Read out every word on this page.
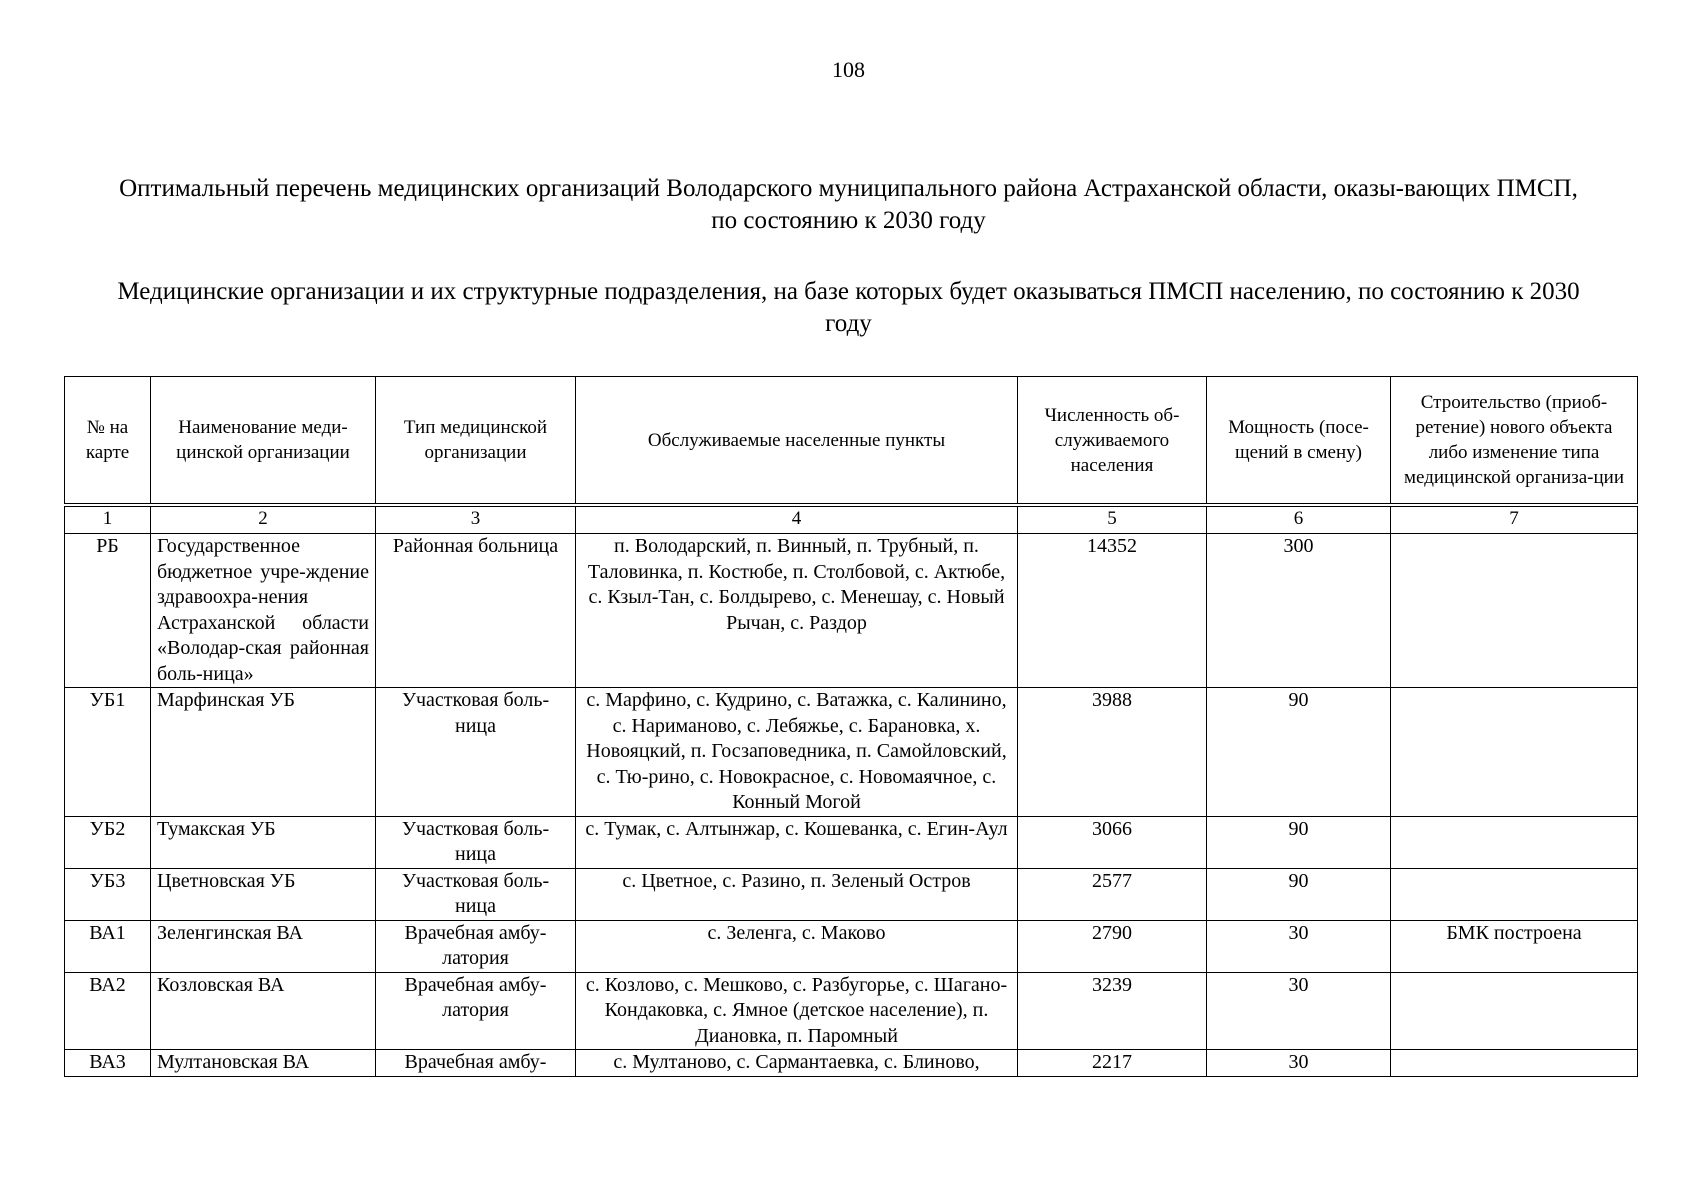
108
Оптимальный перечень медицинских организаций Володарского муниципального района Астраханской области, оказы-вающих ПМСП, по состоянию к 2030 году
Медицинские организации и их структурные подразделения, на базе которых будет оказываться ПМСП населению, по состоянию к 2030 году
№ на карте	Наименование меди-цинской организации	Тип медицинской организации	Обслуживаемые населенные пункты	Численность об-служиваемого населения	Мощность (посе-щений в смену)	Строительство (приоб-ретение) нового объекта либо изменение типа медицинской организа-ции
1	2	3	4	5	6	7
РБ	Государственное бюджетное учре-ждение здравоохра-нения Астраханской области «Володар-ская районная боль-ница»	Районная больница	п. Володарский, п. Винный, п. Трубный, п. Таловинка, п. Костюбе, п. Столбовой, с. Актюбе, с. Кзыл-Тан, с. Болдырево, с. Менешау, с. Новый Рычан, с. Раздор	14352	300	
УБ1	Марфинская УБ	Участковая боль-ница	с. Марфино, с. Кудрино, с. Ватажка, с. Калинино, с. Нариманово, с. Лебяжье, с. Барановка, х. Новояцкий, п. Госзаповедника, п. Самойловский, с. Тю-рино, с. Новокрасное, с. Новомаячное, с. Конный Могой	3988	90	
УБ2	Тумакская УБ	Участковая боль-ница	с. Тумак, с. Алтынжар, с. Кошеванка, с. Егин-Аул	3066	90	
УБ3	Цветновская УБ	Участковая боль-ница	с. Цветное, с. Разино, п. Зеленый Остров	2577	90	
ВА1	Зеленгинская ВА	Врачебная амбу-латория	с. Зеленга, с. Маково	2790	30	БМК построена
ВА2	Козловская ВА	Врачебная амбу-латория	с. Козлово, с. Мешково, с. Разбугорье, с. Шагано-Кондаковка, с. Ямное (детское население), п. Диановка, п. Паромный	3239	30	
ВА3	Мултановская ВА	Врачебная амбу-	с. Мултаново, с. Сармантаевка, с. Блиново,	2217	30	
